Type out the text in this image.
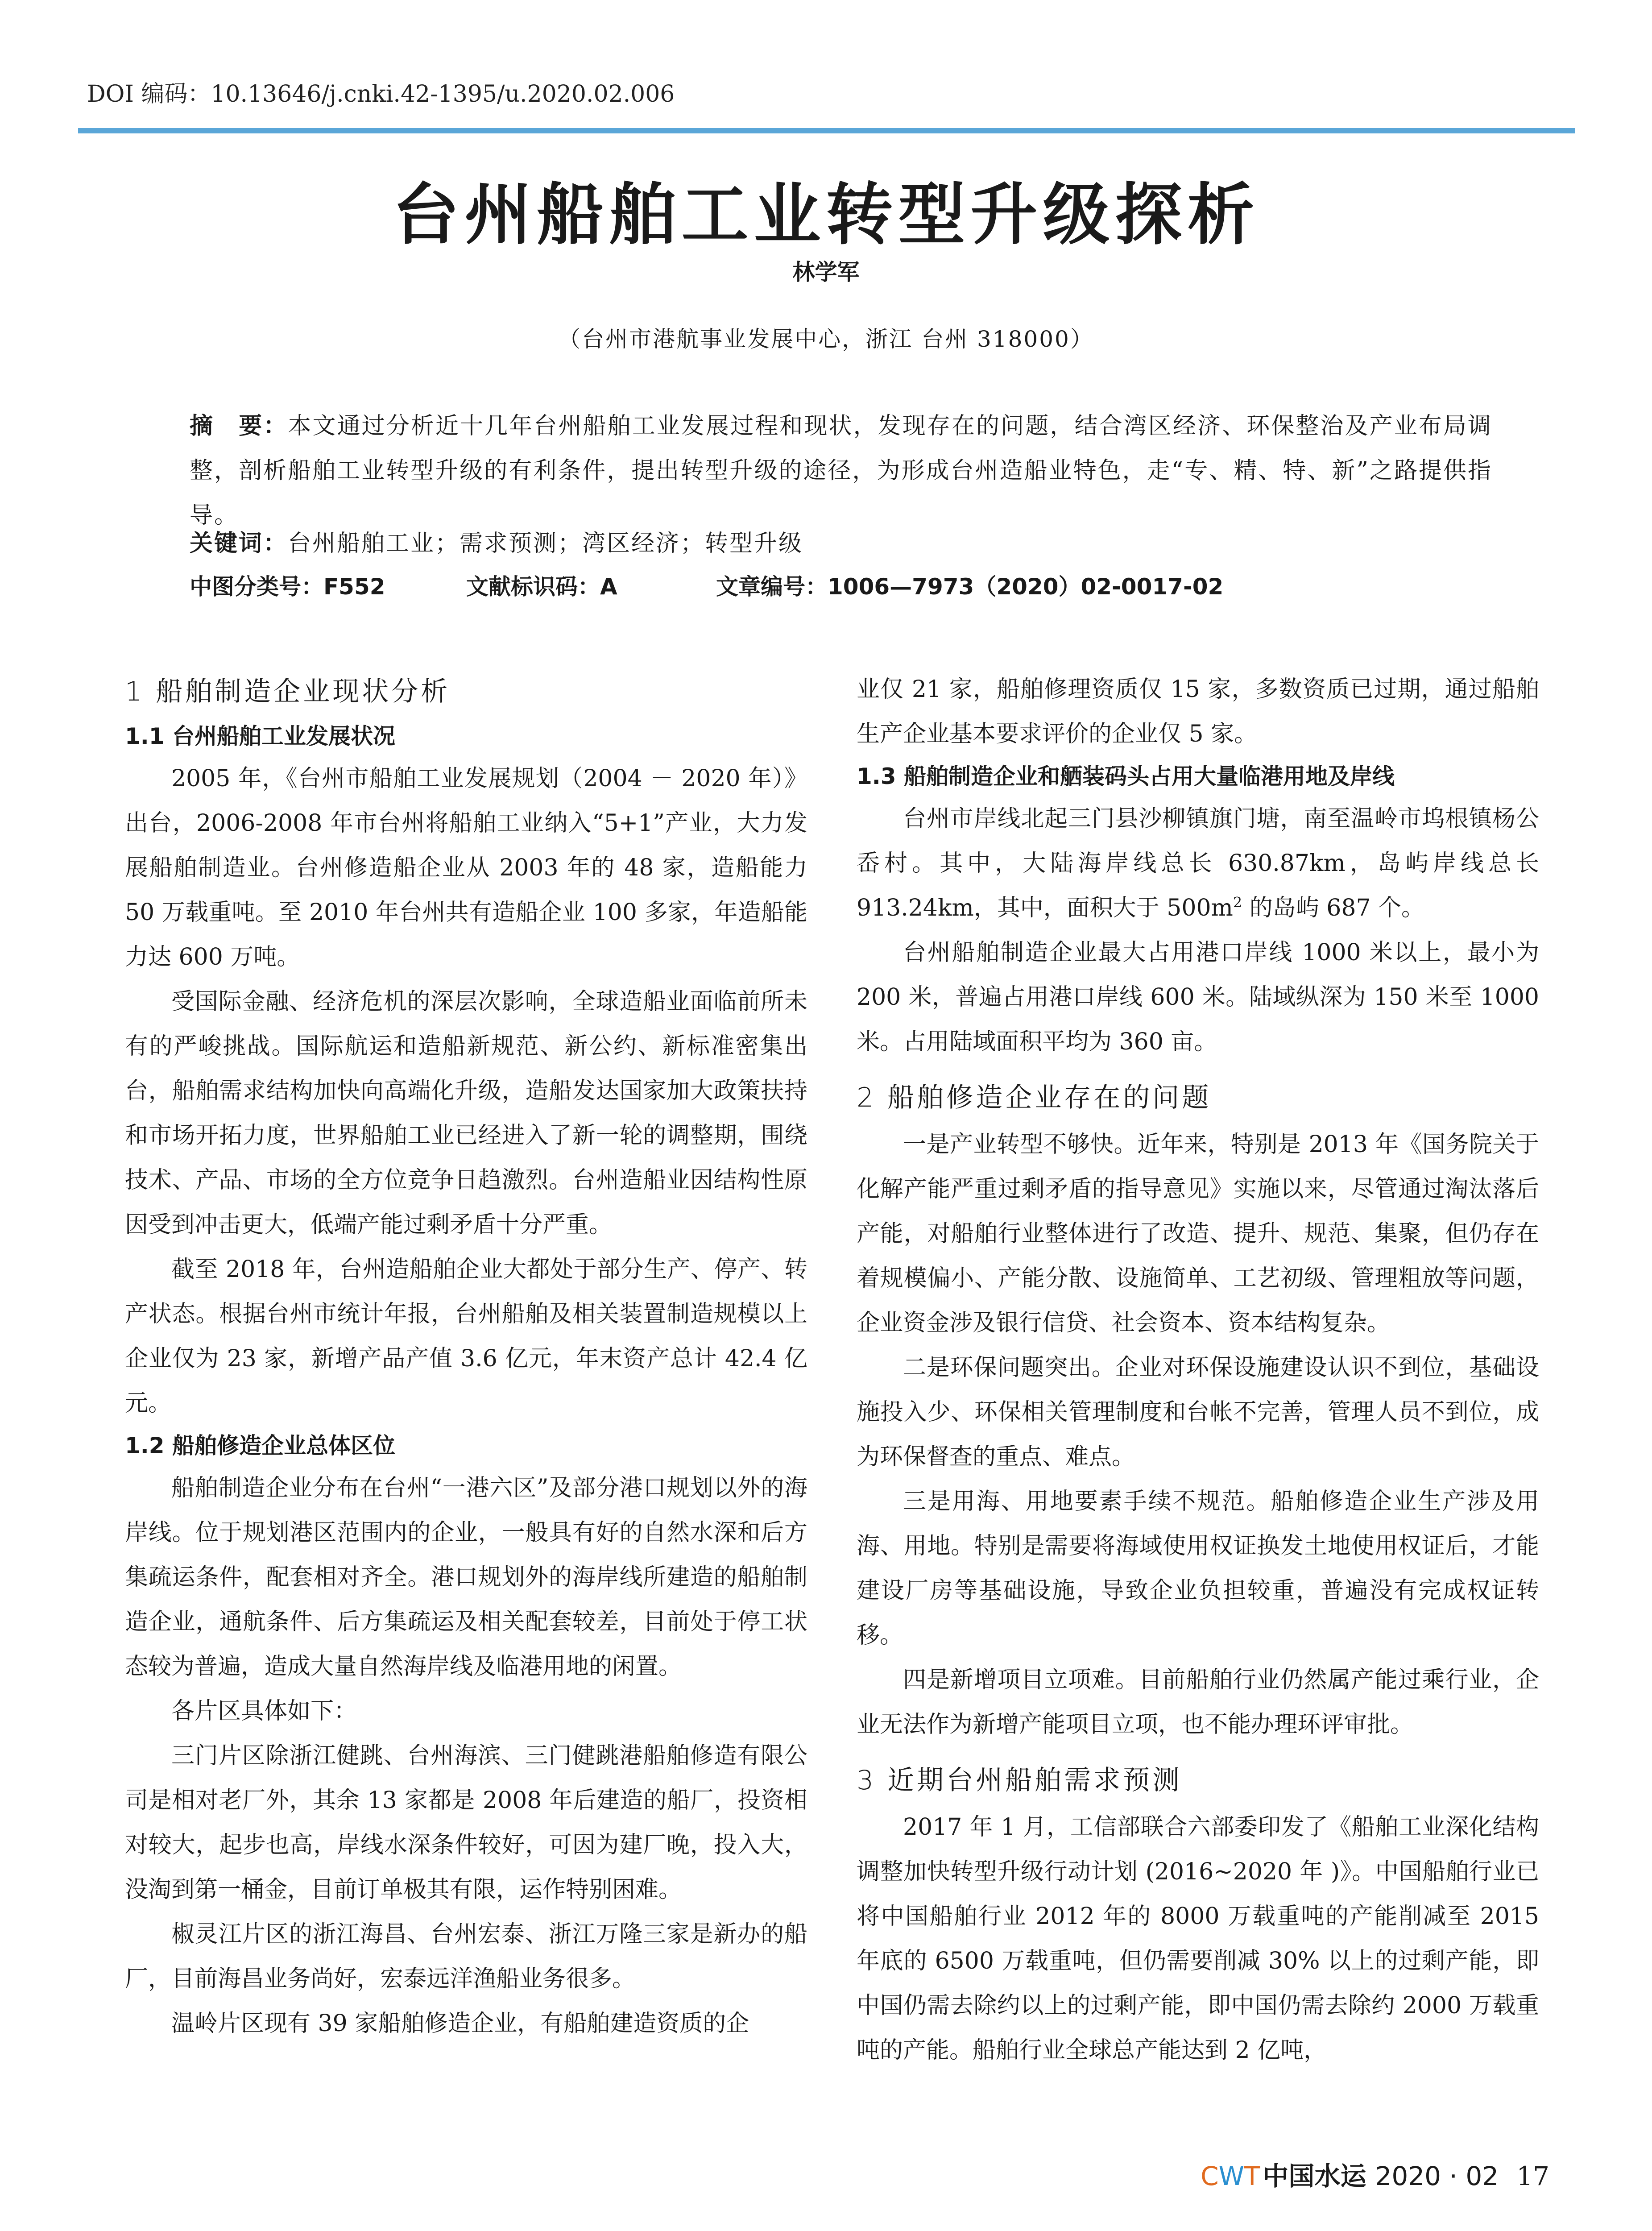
DOI 编码：10.13646/j.cnki.42-1395/u.2020.02.006
台州船舶工业转型升级探析
林学军
（台州市港航事业发展中心，浙江 台州 318000）
摘　要：本文通过分析近十几年台州船舶工业发展过程和现状，发现存在的问题，结合湾区经济、环保整治及产业布局调整，剖析船舶工业转型升级的有利条件，提出转型升级的途径，为形成台州造船业特色，走“专、精、特、新”之路提供指导。
关键词：台州船舶工业；需求预测；湾区经济；转型升级
中图分类号：F552	文献标识码：A	文章编号：1006—7973（2020）02-0017-02
1 船舶制造企业现状分析
1.1 台州船舶工业发展状况

2005 年，《台州市船舶工业发展规划（2004 － 2020 年）》出台，2006-2008 年市台州将船舶工业纳入“5+1”产业，大力发展船舶制造业。台州修造船企业从 2003 年的 48 家，造船能力 50 万载重吨。至 2010 年台州共有造船企业 100 多家，年造船能力达 600 万吨。

受国际金融、经济危机的深层次影响，全球造船业面临前所未有的严峻挑战。国际航运和造船新规范、新公约、新标准密集出台，船舶需求结构加快向高端化升级，造船发达国家加大政策扶持和市场开拓力度，世界船舶工业已经进入了新一轮的调整期，围绕技术、产品、市场的全方位竞争日趋激烈。台州造船业因结构性原因受到冲击更大，低端产能过剩矛盾十分严重。

截至 2018 年，台州造船舶企业大都处于部分生产、停产、转产状态。根据台州市统计年报，台州船舶及相关装置制造规模以上企业仅为 23 家，新增产品产值 3.6 亿元，年末资产总计 42.4 亿元。

1.2 船舶修造企业总体区位

船舶制造企业分布在台州“一港六区”及部分港口规划以外的海岸线。位于规划港区范围内的企业，一般具有好的自然水深和后方集疏运条件，配套相对齐全。港口规划外的海岸线所建造的船舶制造企业，通航条件、后方集疏运及相关配套较差，目前处于停工状态较为普遍，造成大量自然海岸线及临港用地的闲置。

各片区具体如下：

三门片区除浙江健跳、台州海滨、三门健跳港船舶修造有限公司是相对老厂外，其余 13 家都是 2008 年后建造的船厂，投资相对较大，起步也高，岸线水深条件较好，可因为建厂晚，投入大，没淘到第一桶金，目前订单极其有限，运作特别困难。

椒灵江片区的浙江海昌、台州宏泰、浙江万隆三家是新办的船厂，目前海昌业务尚好，宏泰远洋渔船业务很多。

温岭片区现有 39 家船舶修造企业，有船舶建造资质的企

业仅 21 家，船舶修理资质仅 15 家，多数资质已过期，通过船舶生产企业基本要求评价的企业仅 5 家。

1.3 船舶制造企业和舾装码头占用大量临港用地及岸线

台州市岸线北起三门县沙柳镇旗门塘，南至温岭市坞根镇杨公岙村。其中，大陆海岸线总长 630.87km，岛屿岸线总长 913.24km，其中，面积大于 $500m^2$ 的岛屿 687 个。

台州船舶制造企业最大占用港口岸线 1000 米以上，最小为 200 米，普遍占用港口岸线 600 米。陆域纵深为 150 米至 1000 米。占用陆域面积平均为 360 亩。

2 船舶修造企业存在的问题

一是产业转型不够快。近年来，特别是 2013 年《国务院关于化解产能严重过剩矛盾的指导意见》实施以来，尽管通过淘汰落后产能，对船舶行业整体进行了改造、提升、规范、集聚，但仍存在着规模偏小、产能分散、设施简单、工艺初级、管理粗放等问题，企业资金涉及银行信贷、社会资本、资本结构复杂。

二是环保问题突出。企业对环保设施建设认识不到位，基础设施投入少、环保相关管理制度和台帐不完善，管理人员不到位，成为环保督查的重点、难点。

三是用海、用地要素手续不规范。船舶修造企业生产涉及用海、用地。特别是需要将海域使用权证换发土地使用权证后，才能建设厂房等基础设施，导致企业负担较重，普遍没有完成权证转移。

四是新增项目立项难。目前船舶行业仍然属产能过乘行业，企业无法作为新增产能项目立项，也不能办理环评审批。

3 近期台州船舶需求预测

2017 年 1 月，工信部联合六部委印发了《船舶工业深化结构调整加快转型升级行动计划 (2016~2020 年 )》。中国船舶行业已将中国船舶行业 2012 年的 8000 万载重吨的产能削减至 2015 年底的 6500 万载重吨，但仍需要削减 30% 以上的过剩产能，即中国仍需去除约以上的过剩产能，即中国仍需去除约 2000 万载重吨的产能。船舶行业全球总产能达到 2 亿吨，

CWT 中国水运 2020 · 02 17
